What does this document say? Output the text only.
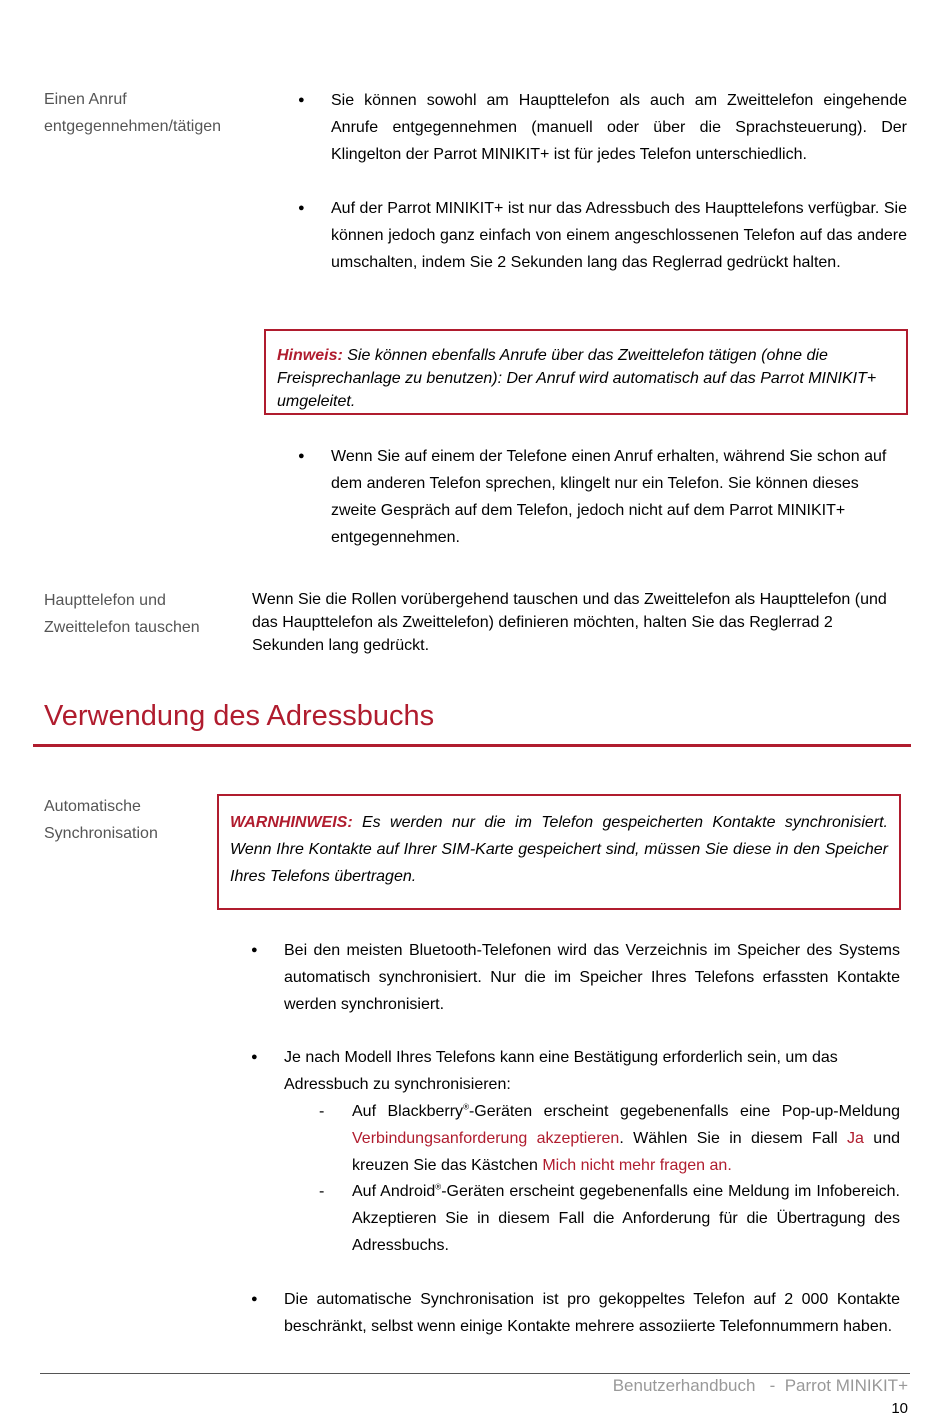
Einen Anruf
entgegennehmen/tätigen
● Sie können sowohl am Haupttelefon als auch am Zweittelefon eingehende Anrufe entgegennehmen (manuell oder über die Sprachsteuerung). Der Klingelton der Parrot MINIKIT+ ist für jedes Telefon unterschiedlich.
● Auf der Parrot MINIKIT+ ist nur das Adressbuch des Haupttelefons verfügbar. Sie können jedoch ganz einfach von einem angeschlossenen Telefon auf das andere umschalten, indem Sie 2 Sekunden lang das Reglerrad gedrückt halten.
Hinweis: Sie können ebenfalls Anrufe über das Zweittelefon tätigen (ohne die Freisprechanlage zu benutzen): Der Anruf wird automatisch auf das Parrot MINIKIT+ umgeleitet.
● Wenn Sie auf einem der Telefone einen Anruf erhalten, während Sie schon auf dem anderen Telefon sprechen, klingelt nur ein Telefon. Sie können dieses zweite Gespräch auf dem Telefon, jedoch nicht auf dem Parrot MINIKIT+ entgegennehmen.
Haupttelefon und
Zweittelefon tauschen
Wenn Sie die Rollen vorübergehend tauschen und das Zweittelefon als Haupttelefon (und das Haupttelefon als Zweittelefon) definieren möchten, halten Sie das Reglerrad 2 Sekunden lang gedrückt.
Verwendung des Adressbuchs
Automatische
Synchronisation
WARNHINWEIS: Es werden nur die im Telefon gespeicherten Kontakte synchronisiert. Wenn Ihre Kontakte auf Ihrer SIM-Karte gespeichert sind, müssen Sie diese in den Speicher Ihres Telefons übertragen.
● Bei den meisten Bluetooth-Telefonen wird das Verzeichnis im Speicher des Systems automatisch synchronisiert. Nur die im Speicher Ihres Telefons erfassten Kontakte werden synchronisiert.
● Je nach Modell Ihres Telefons kann eine Bestätigung erforderlich sein, um das Adressbuch zu synchronisieren:
- Auf Blackberry®-Geräten erscheint gegebenenfalls eine Pop-up-Meldung Verbindungsanforderung akzeptieren. Wählen Sie in diesem Fall Ja und kreuzen Sie das Kästchen Mich nicht mehr fragen an.
- Auf Android®-Geräten erscheint gegebenenfalls eine Meldung im Infobereich. Akzeptieren Sie in diesem Fall die Anforderung für die Übertragung des Adressbuchs.
● Die automatische Synchronisation ist pro gekoppeltes Telefon auf 2 000 Kontakte beschränkt, selbst wenn einige Kontakte mehrere assoziierte Telefonnummern haben.
Benutzerhandbuch   -  Parrot MINIKIT+
10
